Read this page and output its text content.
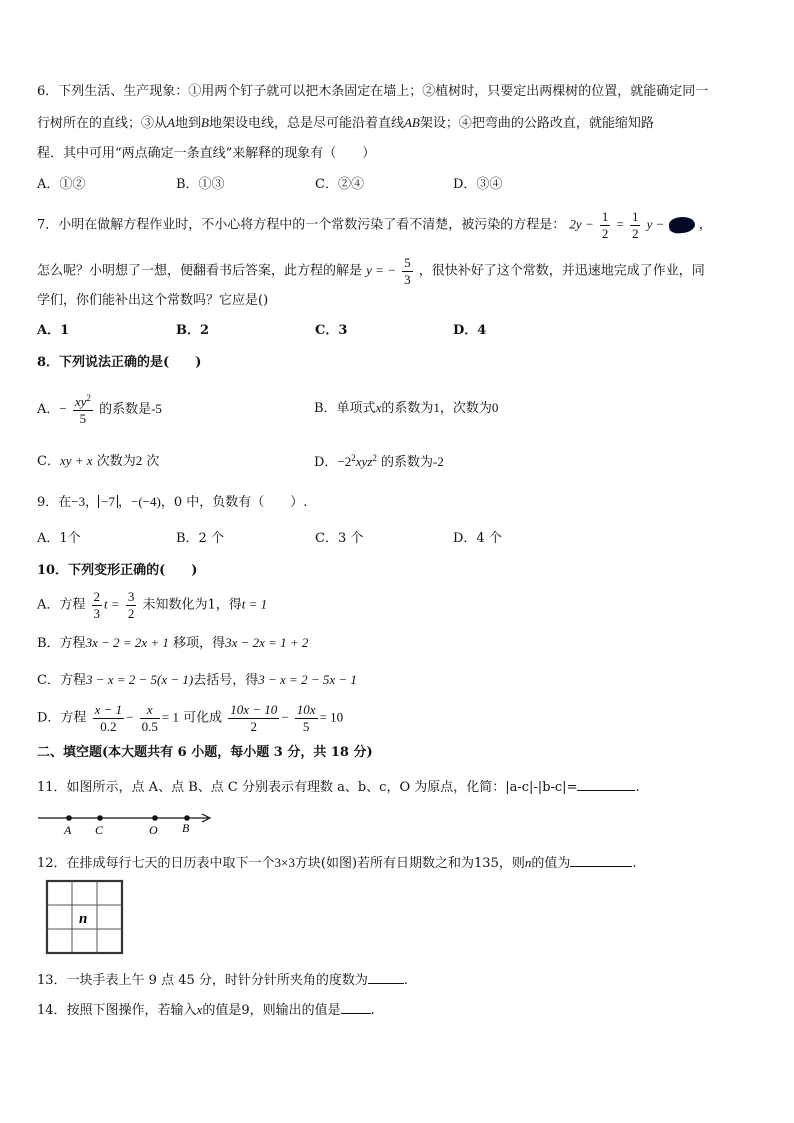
6．下列生活、生产现象：①用两个钉子就可以把木条固定在墙上；②植树时，只要定出两棵树的位置，就能确定同一
行树所在的直线；③从A地到B地架设电线，总是尽可能沿着直线AB架设；④把弯曲的公路改直，就能缩知路
程．其中可用“两点确定一条直线”来解释的现象有（　　）
A．①②	B．①③	C．②④	D．③④
7．小明在做解方程作业时，不小心将方程中的一个常数污染了看不清楚，被污染的方程是： $2y - \frac{1}{2} = \frac{1}{2}$ y −	，
怎么呢？小明想了一想，便翻看书后答案，此方程的解是 y = − $\frac{5}{3}$ ，很快补好了这个常数，并迅速地完成了作业，同
学们，你们能补出这个常数吗？它应是()
A．1	B．2	C．3	D．4
8．下列说法正确的是(　　)
A．− $\frac{xy^2}{5}$ 的系数是-5	B．单项式x的系数为1，次数为0
C．xy + x 次数为2 次	D．$-2^2xyz^2$ 的系数为-2
9．在−3， −7 ，−(−4)，0 中，负数有（　　）.
A．1个	B．2 个	C．3 个	D．4 个
10．下列变形正确的(　　)
A．方程 $\frac{2}{3}$ $t = \frac{3}{2}$ 未知数化为1，得t = 1
B．方程3x − 2 = 2x + 1 移项，得3x − 2x = 1 + 2
C．方程3 − x = 2 − 5(x − 1)去括号，得3 − x = 2 − 5x − 1
D．方程 $\frac{x - 1}{0.2} - \frac{x}{0.5} = 1$ 可化成 $\frac{10x - 10}{2} - \frac{10x}{5} = 10$
二、填空题(本大题共有 6 小题，每小题 3 分，共 18 分)
11．如图所示，点 A、点 B、点 C 分别表示有理数 a、b、c，O 为原点，化简：|a-c|-|b-c|=	.
A C	O B
12．在排成每行七天的日历表中取下一个3×3方块(如图)若所有日期数之和为135，则n的值为	.
n
13．一块手表上午 9 点 45 分，时针分针所夹角的度数为	.
14．按照下图操作，若输入x的值是9，则输出的值是 .
